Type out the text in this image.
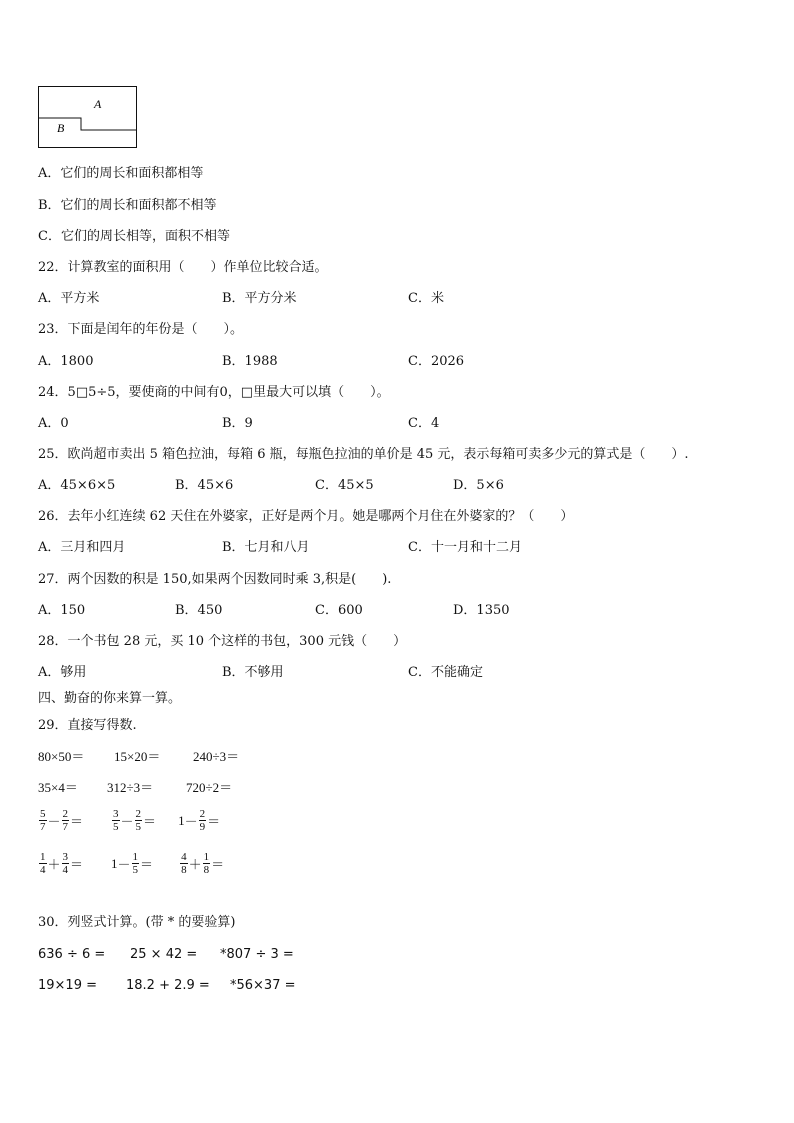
A
B
A．它们的周长和面积都相等
B．它们的周长和面积都不相等
C．它们的周长相等，面积不相等
22．计算教室的面积用（　　）作单位比较合适。
A．平方米	B．平方分米	C．米
23．下面是闰年的年份是（　　）。
A．1800	B．1988	C．2026
24．5□5÷5，要使商的中间有0，□里最大可以填（　　）。
A．0	B．9	C．4
25．欧尚超市卖出 5 箱色拉油，每箱 6 瓶，每瓶色拉油的单价是 45 元，表示每箱可卖多少元的算式是（　　）.
A．45×6×5	B．45×6	C．45×5	D．5×6
26．去年小红连续 62 天住在外婆家，正好是两个月。她是哪两个月住在外婆家的？（　　）
A．三月和四月	B．七月和八月	C．十一月和十二月
27．两个因数的积是 150,如果两个因数同时乘 3,积是(　　).
A．150	B．450	C．600	D．1350
28．一个书包 28 元，买 10 个这样的书包，300 元钱（　　）
A．够用	B．不够用	C．不能确定
四、勤奋的你来算一算。
29．直接写得数.
80×50＝ 15×20＝	240÷3＝
35×4＝ 312÷3＝	720÷2＝
$\frac{5}{7} - \frac{2}{7}$ ＝	$\frac{3}{5} - \frac{2}{5} = 1 - \frac{2}{9}$ ＝
$\frac{1}{4} + \frac{3}{4} = 1 - \frac{1}{5} = \frac{4}{8} + \frac{1}{8}$ ＝
30．列竖式计算。(带 * 的要验算)
636 ÷ 6 = 25 × 42 = *807 ÷ 3 =
19×19 = 18.2 + 2.9 = *56×37 =
